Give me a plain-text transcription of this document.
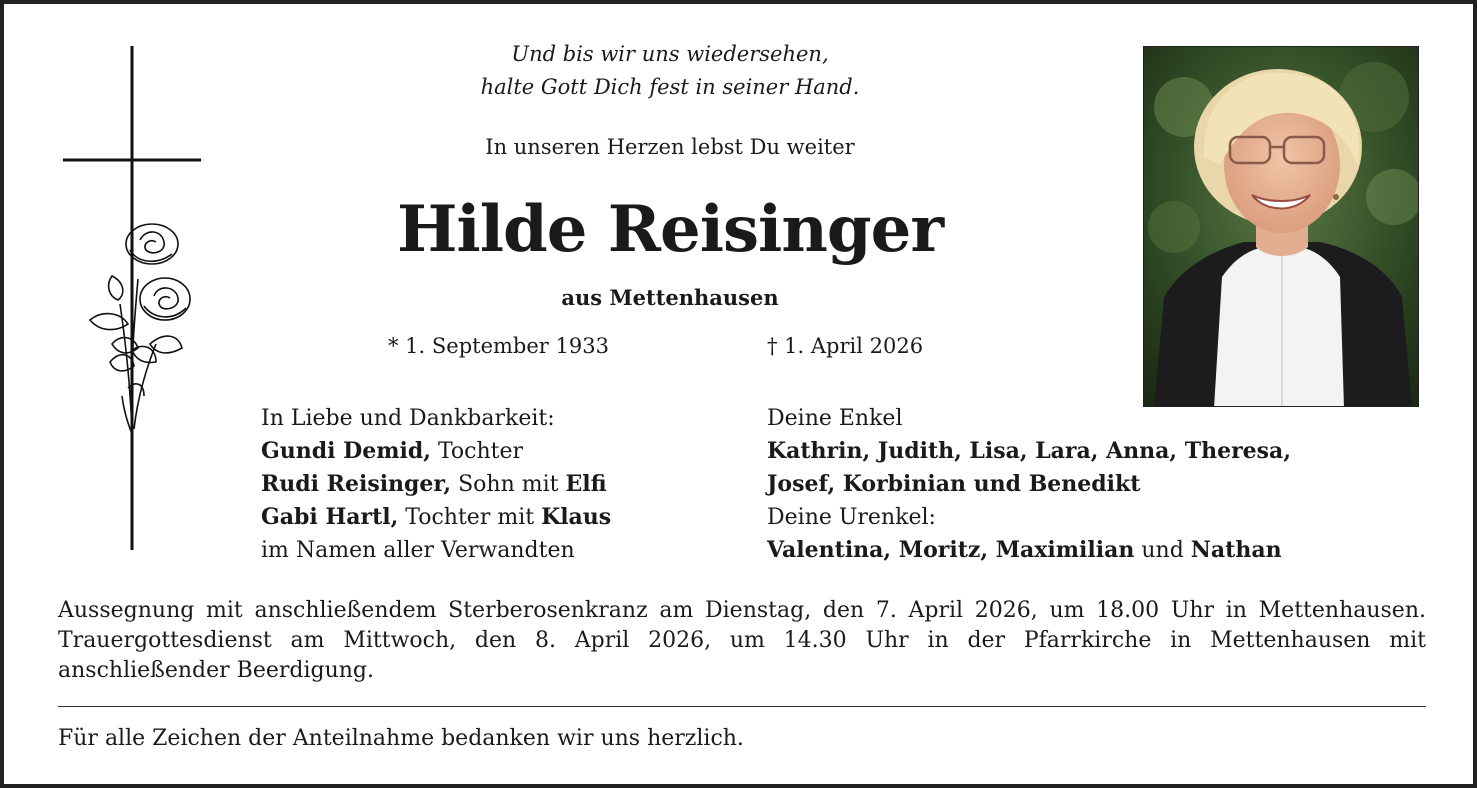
Und bis wir uns wiedersehen,
halte Gott Dich fest in seiner Hand.
In unseren Herzen lebst Du weiter
Hilde Reisinger
aus Mettenhausen
* 1. September 1933	† 1. April 2026
In Liebe und Dankbarkeit:
Gundi Demid, Tochter
Rudi Reisinger, Sohn mit Elfi
Gabi Hartl, Tochter mit Klaus
im Namen aller Verwandten
Deine Enkel
Kathrin, Judith, Lisa, Lara, Anna, Theresa,
Josef, Korbinian und Benedikt
Deine Urenkel:
Valentina, Moritz, Maximilian und Nathan
Aussegnung mit anschließendem Sterberosenkranz am Dienstag, den 7. April 2026, um 18.00 Uhr in Mettenhausen. Trauergottesdienst am Mittwoch, den 8. April 2026, um 14.30 Uhr in der Pfarrkirche in Mettenhausen mit anschließender Beerdigung.
Für alle Zeichen der Anteilnahme bedanken wir uns herzlich.
